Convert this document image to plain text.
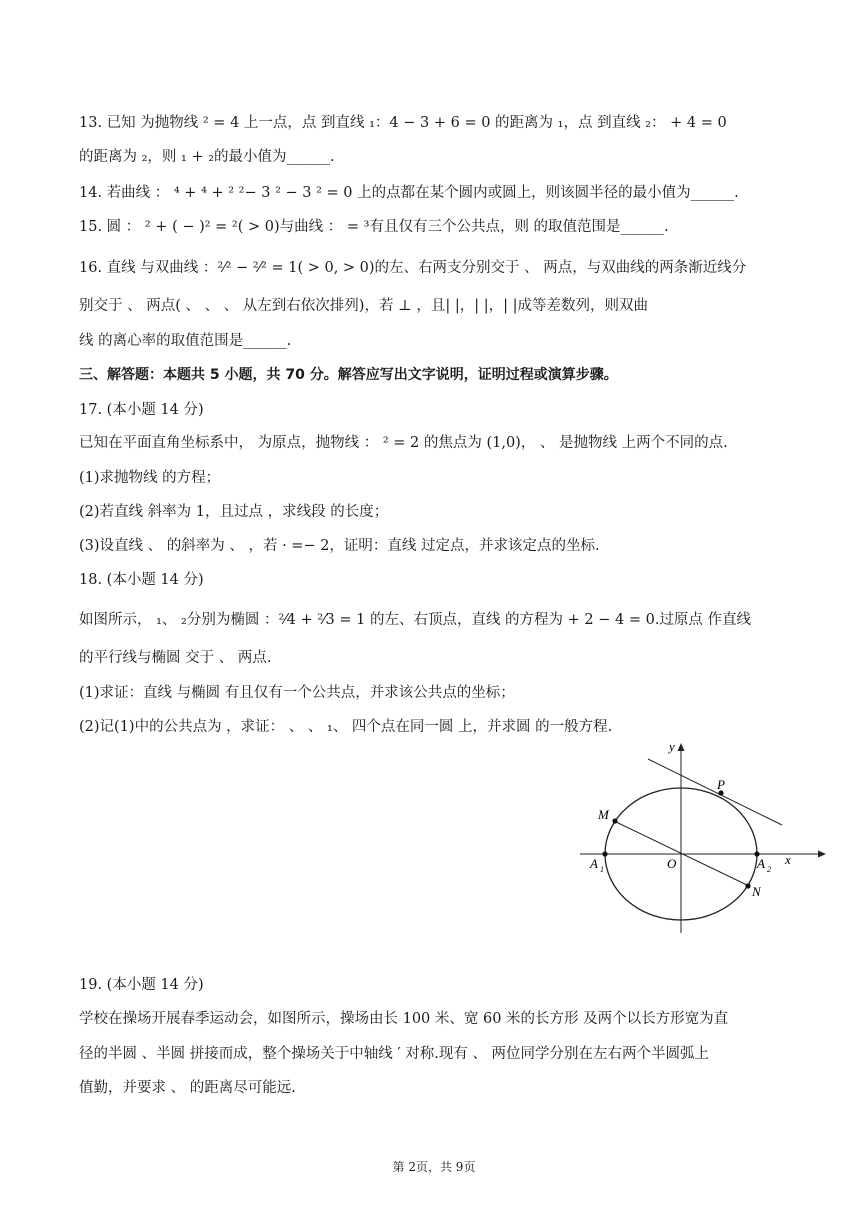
13. 已知 为抛物线 ² = 4 上一点，点 到直线 ₁：4 − 3 + 6 = 0 的距离为 ₁，点 到直线 ₂： + 4 = 0
的距离为 ₂，则 ₁ + ₂的最小值为______.
14. 若曲线 ： ⁴ + ⁴ + ² ²− 3 ² − 3 ² = 0 上的点都在某个圆内或圆上，则该圆半径的最小值为______.
15. 圆 ： ² + ( − )² = ²( > 0)与曲线 ： = ³有且仅有三个公共点，则 的取值范围是______.
16. 直线 与双曲线 ：²⁄² − ²⁄² = 1( > 0, > 0)的左、右两支分别交于 、 两点，与双曲线的两条渐近线分
别交于 、 两点( 、 、 、 从左到右依次排列)，若 ⊥ ，且| |，| |，| |成等差数列，则双曲
线 的离心率的取值范围是______.
三、解答题：本题共 5 小题，共 70 分。解答应写出文字说明，证明过程或演算步骤。
17. (本小题 14 分)
已知在平面直角坐标系中， 为原点，抛物线 ： ² = 2 的焦点为 (1,0)， 、 是抛物线 上两个不同的点.
(1)求抛物线 的方程；
(2)若直线 斜率为 1，且过点 ，求线段 的长度；
(3)设直线 、 的斜率为 、 ，若 · =− 2，证明：直线 过定点，并求该定点的坐标.
18. (本小题 14 分)
如图所示， ₁、 ₂分别为椭圆 ：²⁄4 + ²⁄3 = 1 的左、右顶点，直线 的方程为 + 2 − 4 = 0.过原点 作直线
的平行线与椭圆 交于 、 两点.
(1)求证：直线 与椭圆 有且仅有一个公共点，并求该公共点的坐标；
(2)记(1)中的公共点为 ，求证： 、 、 ₁、 四个点在同一圆 上，并求圆 的一般方程.
y
x
P
M
O
A 1	A 2
N
19. (本小题 14 分)
学校在操场开展春季运动会，如图所示，操场由长 100 米、宽 60 米的长方形 及两个以长方形宽为直
径的半圆 、半圆 拼接而成，整个操场关于中轴线 ′ 对称.现有 、 两位同学分别在左右两个半圆弧上
值勤，并要求 、 的距离尽可能远.
第 2页，共 9页
